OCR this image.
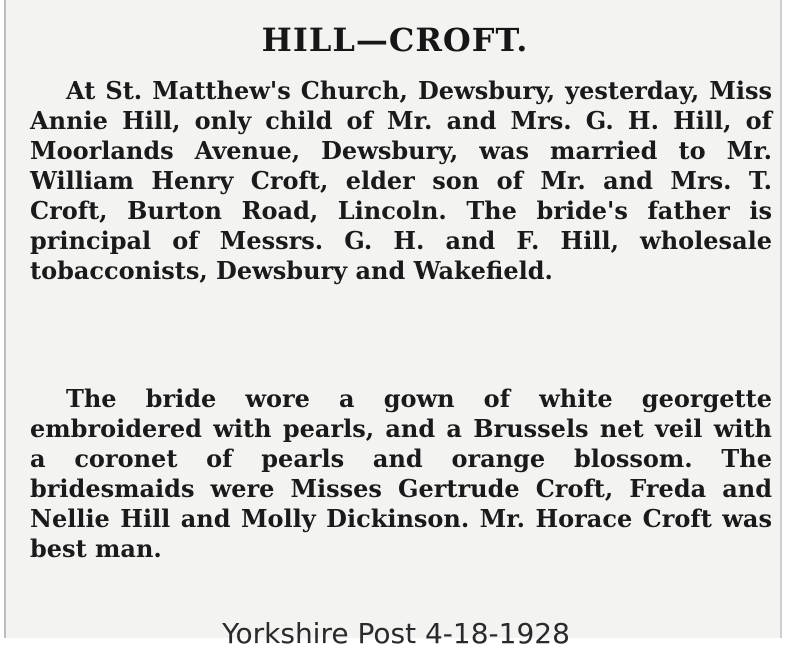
HILL—CROFT.

At St. Matthew's Church, Dewsbury, yesterday, Miss Annie Hill, only child of Mr. and Mrs. G. H. Hill, of Moorlands Avenue, Dewsbury, was married to Mr. William Henry Croft, elder son of Mr. and Mrs. T. Croft, Burton Road, Lincoln. The bride's father is principal of Messrs. G. H. and F. Hill, wholesale tobacconists, Dewsbury and Wakefield.

The bride wore a gown of white georgette embroidered with pearls, and a Brussels net veil with a coronet of pearls and orange blossom. The bridesmaids were Misses Gertrude Croft, Freda and Nellie Hill and Molly Dickinson. Mr. Horace Croft was best man.

Yorkshire Post 4-18-1928
